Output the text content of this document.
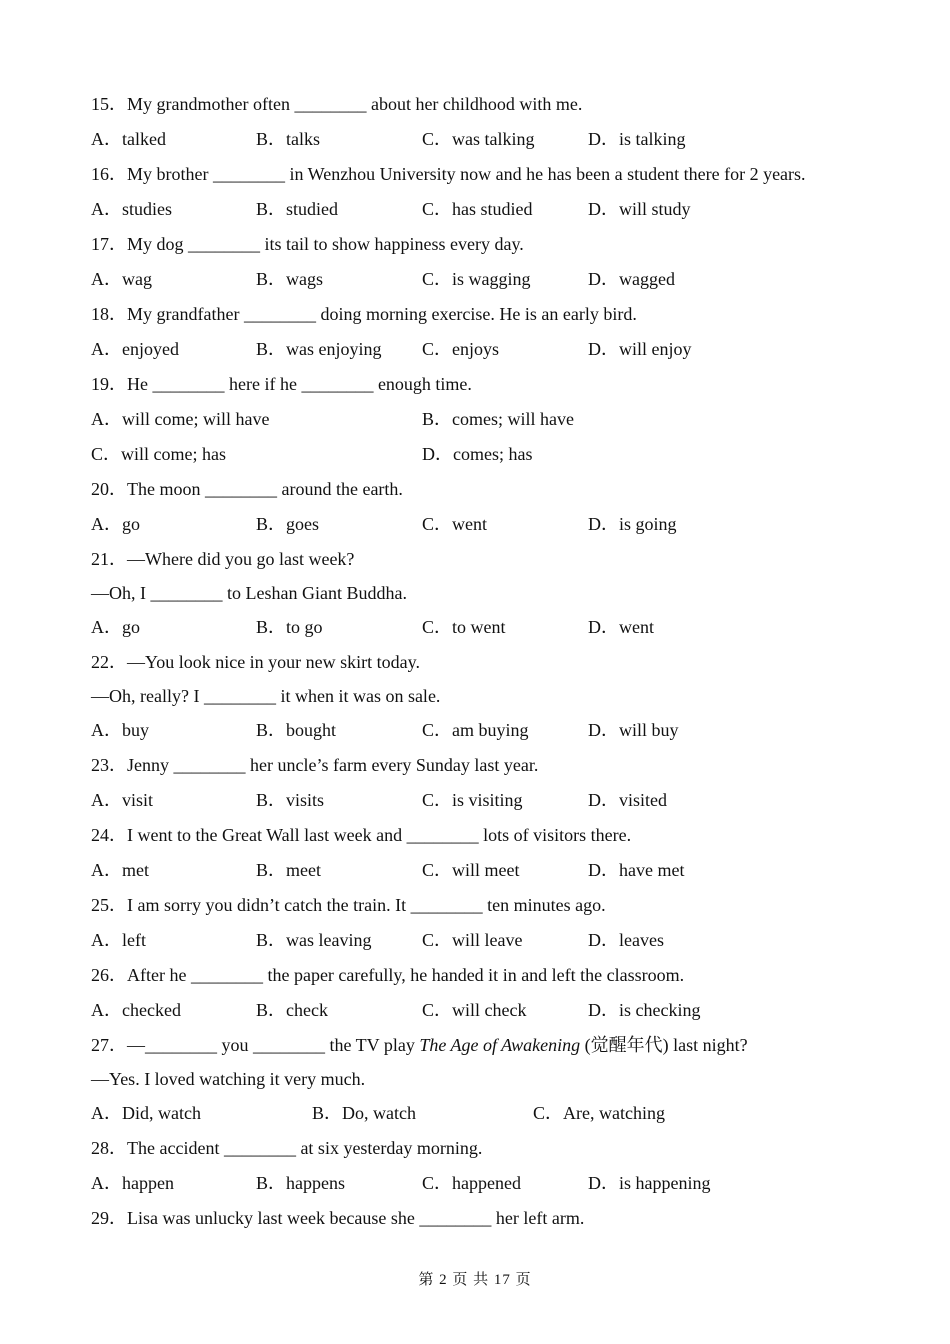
15．My grandmother often ________ about her childhood with me.
A．talked	B．talks	C．was talking	D．is talking
16．My brother ________ in Wenzhou University now and he has been a student there for 2 years.
A．studies	B．studied	C．has studied	D．will study
17．My dog ________ its tail to show happiness every day.
A．wag	B．wags	C．is wagging	D．wagged
18．My grandfather ________ doing morning exercise. He is an early bird.
A．enjoyed	B．was enjoying C．enjoys	D．will enjoy
19．He ________ here if he ________ enough time.
A．will come; will have	B．comes; will have
C．will come; has	D．comes; has
20．The moon ________ around the earth.
A．go	B．goes	C．went	D．is going
21．—Where did you go last week?
—Oh, I ________ to Leshan Giant Buddha.
A．go	B．to go	C．to went	D．went
22．—You look nice in your new skirt today.
—Oh, really? I ________ it when it was on sale.
A．buy	B．bought	C．am buying	D．will buy
23．Jenny ________ her uncle’s farm every Sunday last year.
A．visit	B．visits	C．is visiting	D．visited
24．I went to the Great Wall last week and ________ lots of visitors there.
A．met	B．meet	C．will meet	D．have met
25．I am sorry you didn’t catch the train. It ________ ten minutes ago.
A．left	B．was leaving	C．will leave	D．leaves
26．After he ________ the paper carefully, he handed it in and left the classroom.
A．checked	B．check	C．will check	D．is checking
27．—________ you ________ the TV play The Age of Awakening (觉醒年代) last night?
—Yes. I loved watching it very much.
A．Did, watch	B．Do, watch	C．Are, watching
28．The accident ________ at six yesterday morning.
A．happen	B．happens	C．happened	D．is happening
29．Lisa was unlucky last week because she ________ her left arm.
第 2 页 共 17 页
